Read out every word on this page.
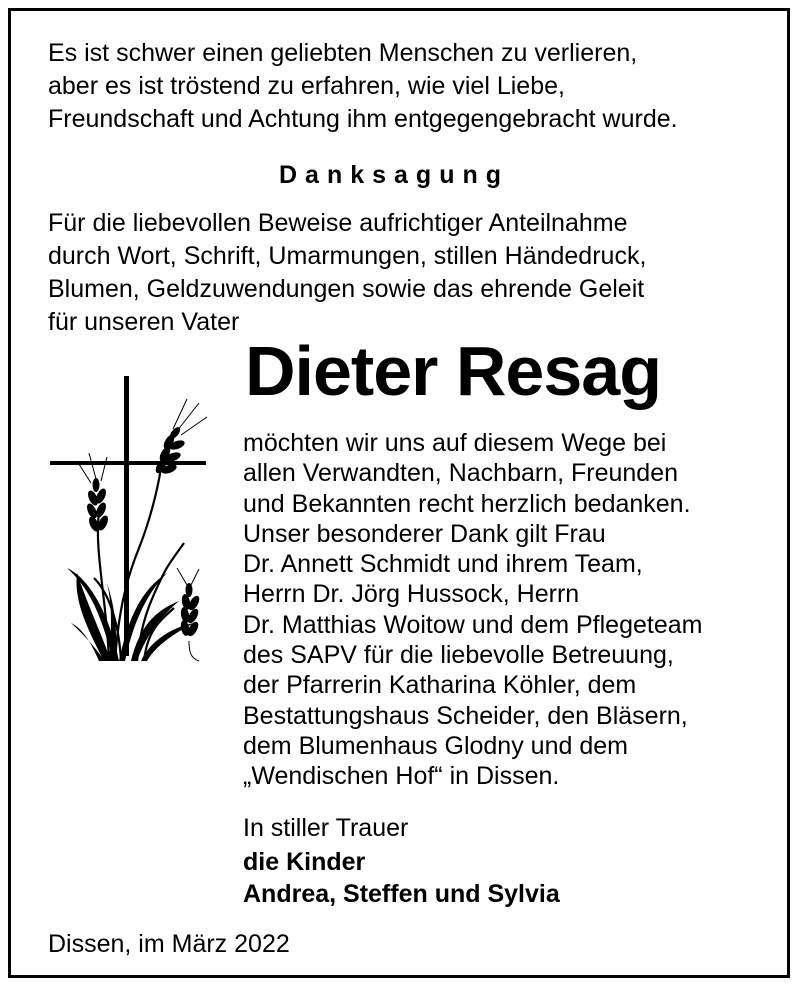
Es ist schwer einen geliebten Menschen zu verlieren,
aber es ist tröstend zu erfahren, wie viel Liebe,
Freundschaft und Achtung ihm entgegengebracht wurde.
Danksagung
Für die liebevollen Beweise aufrichtiger Anteilnahme
durch Wort, Schrift, Umarmungen, stillen Händedruck,
Blumen, Geldzuwendungen sowie das ehrende Geleit
für unseren Vater
Dieter Resag
möchten wir uns auf diesem Wege bei
allen Verwandten, Nachbarn, Freunden
und Bekannten recht herzlich bedanken.
Unser besonderer Dank gilt Frau
Dr. Annett Schmidt und ihrem Team,
Herrn Dr. Jörg Hussock, Herrn
Dr. Matthias Woitow und dem Pflegeteam
des SAPV für die liebevolle Betreuung,
der Pfarrerin Katharina Köhler, dem
Bestattungshaus Scheider, den Bläsern,
dem Blumenhaus Glodny und dem
„Wendischen Hof“ in Dissen.
In stiller Trauer
die Kinder
Andrea, Steffen und Sylvia
Dissen, im März 2022
